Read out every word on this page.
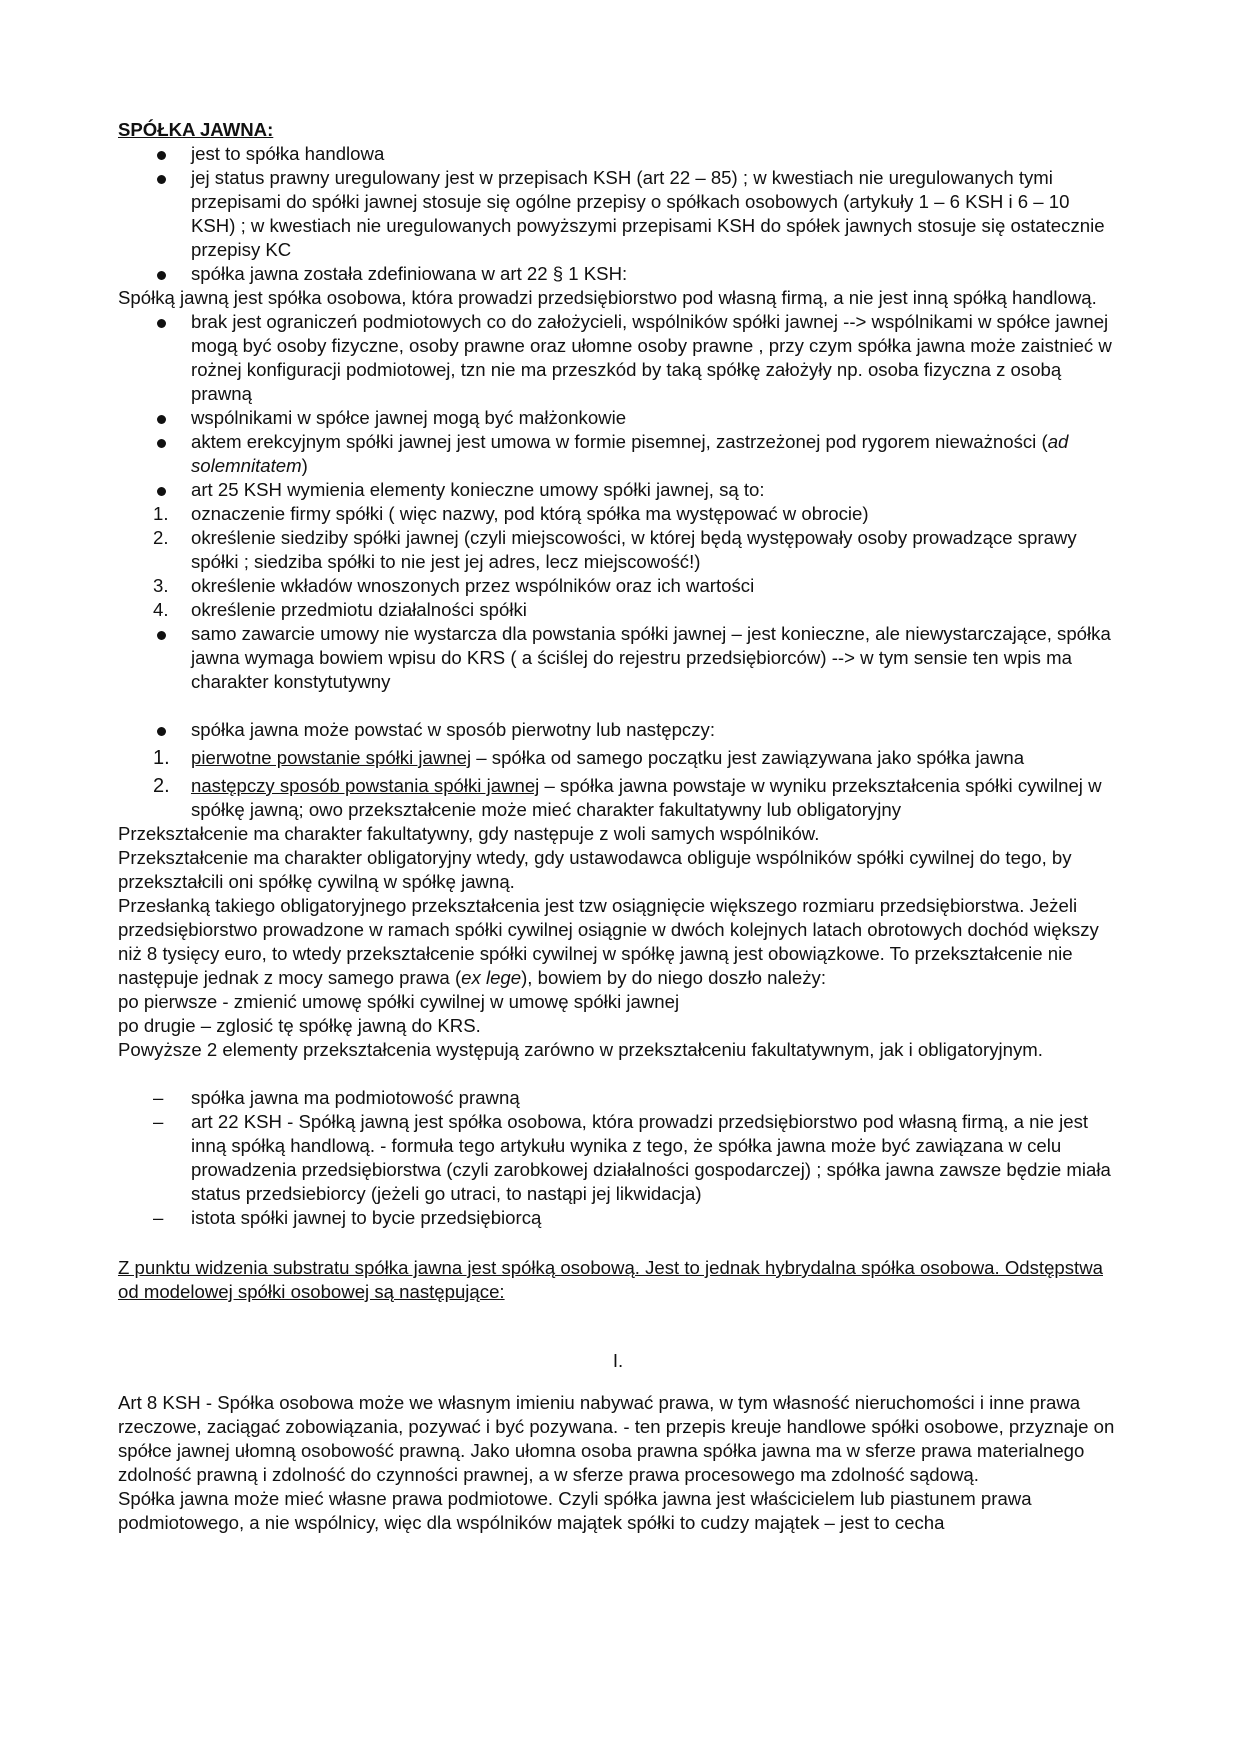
SPÓŁKA JAWNA:

jest to spółka handlowa
jej status prawny uregulowany jest w przepisach KSH (art 22 – 85) ; w kwestiach nie uregulowanych tymi przepisami do spółki jawnej stosuje się ogólne przepisy o spółkach osobowych (artykuły 1 – 6 KSH i 6 – 10 KSH) ; w kwestiach nie uregulowanych powyższymi przepisami KSH do spółek jawnych stosuje się ostatecznie przepisy KC
spółka jawna została zdefiniowana w art 22 § 1 KSH:

Spółką jawną jest spółka osobowa, która prowadzi przedsiębiorstwo pod własną firmą, a nie jest inną spółką handlową.

brak jest ograniczeń podmiotowych co do założycieli, wspólników spółki jawnej --> wspólnikami w spółce jawnej mogą być osoby fizyczne, osoby prawne oraz ułomne osoby prawne , przy czym spółka jawna może zaistnieć w rożnej konfiguracji podmiotowej, tzn nie ma przeszkód by taką spółkę założyły np. osoba fizyczna z osobą prawną
wspólnikami w spółce jawnej mogą być małżonkowie
aktem erekcyjnym spółki jawnej jest umowa w formie pisemnej, zastrzeżonej pod rygorem nieważności (ad solemnitatem)
art 25 KSH wymienia elementy konieczne umowy spółki jawnej, są to:
1.	oznaczenie firmy spółki ( więc nazwy, pod którą spółka ma występować w obrocie)
2.	określenie siedziby spółki jawnej (czyli miejscowości, w której będą występowały osoby prowadzące sprawy spółki ; siedziba spółki to nie jest jej adres, lecz miejscowość!)
3.	określenie wkładów wnoszonych przez wspólników oraz ich wartości
4.	określenie przedmiotu działalności spółki
samo zawarcie umowy nie wystarcza dla powstania spółki jawnej – jest konieczne, ale niewystarczające, spółka jawna wymaga bowiem wpisu do KRS ( a ściślej do rejestru przedsiębiorców) --> w tym sensie ten wpis ma charakter konstytutywny
spółka jawna może powstać w sposób pierwotny lub następczy:
1.	pierwotne powstanie spółki jawnej – spółka od samego początku jest zawiązywana jako spółka jawna
2.	następczy sposób powstania spółki jawnej – spółka jawna powstaje w wyniku przekształcenia spółki cywilnej w spółkę jawną; owo przekształcenie może mieć charakter fakultatywny lub obligatoryjny

Przekształcenie ma charakter fakultatywny, gdy następuje z woli samych wspólników.

Przekształcenie ma charakter obligatoryjny wtedy, gdy ustawodawca obliguje wspólników spółki cywilnej do tego, by przekształcili oni spółkę cywilną w spółkę jawną.

Przesłanką takiego obligatoryjnego przekształcenia jest tzw osiągnięcie większego rozmiaru przedsiębiorstwa. Jeżeli przedsiębiorstwo prowadzone w ramach spółki cywilnej osiągnie w dwóch kolejnych latach obrotowych dochód większy niż 8 tysięcy euro, to wtedy przekształcenie spółki cywilnej w spółkę jawną jest obowiązkowe. To przekształcenie nie następuje jednak z mocy samego prawa (ex lege), bowiem by do niego doszło należy:

po pierwsze - zmienić umowę spółki cywilnej w umowę spółki jawnej

po drugie – zglosić tę spółkę jawną do KRS.

Powyższe 2 elementy przekształcenia występują zarówno w przekształceniu fakultatywnym, jak i obligatoryjnym.

–	spółka jawna ma podmiotowość prawną
–	art 22 KSH - Spółką jawną jest spółka osobowa, która prowadzi przedsiębiorstwo pod własną firmą, a nie jest inną spółką handlową. - formuła tego artykułu wynika z tego, że spółka jawna może być zawiązana w celu prowadzenia przedsiębiorstwa (czyli zarobkowej działalności gospodarczej) ; spółka jawna zawsze będzie miała status przedsiebiorcy (jeżeli go utraci, to nastąpi jej likwidacja)
–	istota spółki jawnej to bycie przedsiębiorcą

Z punktu widzenia substratu spółka jawna jest spółką osobową. Jest to jednak hybrydalna spółka osobowa. Odstępstwa od modelowej spółki osobowej są następujące:

I.

Art 8 KSH - Spółka osobowa może we własnym imieniu nabywać prawa, w tym własność nieruchomości i inne prawa rzeczowe, zaciągać zobowiązania, pozywać i być pozywana. - ten przepis kreuje handlowe spółki osobowe, przyznaje on spółce jawnej ułomną osobowość prawną. Jako ułomna osoba prawna spółka jawna ma w sferze prawa materialnego zdolność prawną i zdolność do czynności prawnej, a w sferze prawa procesowego ma zdolność sądową.

Spółka jawna może mieć własne prawa podmiotowe. Czyli spółka jawna jest właścicielem lub piastunem prawa podmiotowego, a nie wspólnicy, więc dla wspólników majątek spółki to cudzy majątek – jest to cecha
